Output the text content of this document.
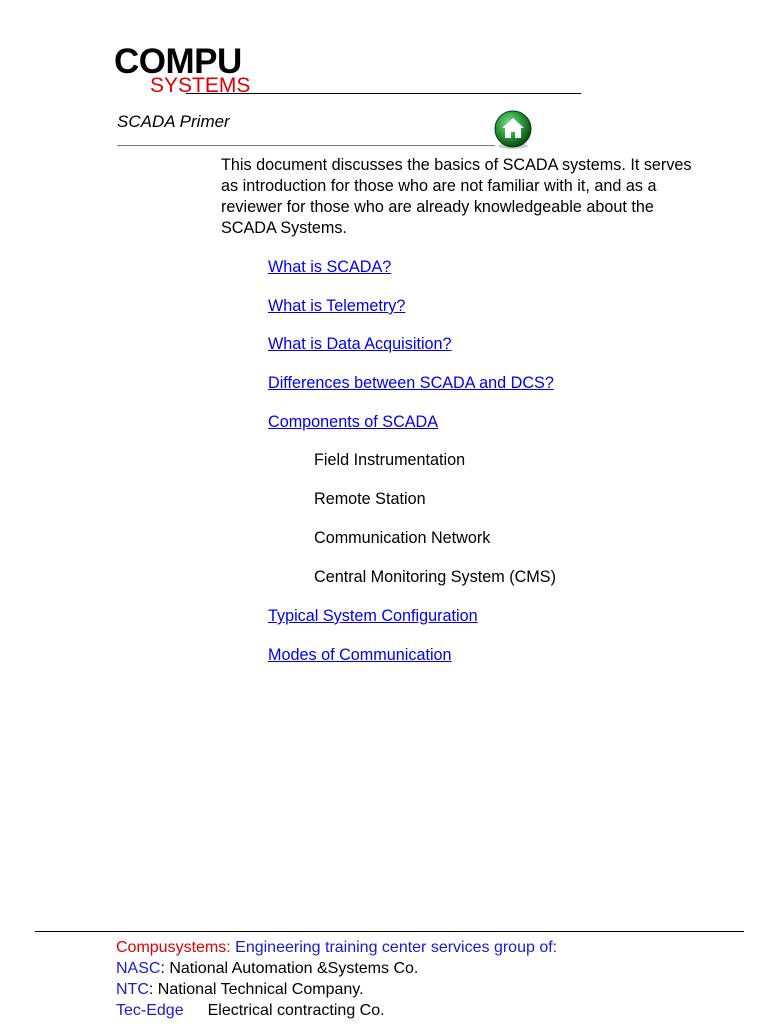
COMPU
SYSTEMS
SCADA Primer
This document discusses the basics of SCADA systems. It serves as introduction for those who are not familiar with it, and as a reviewer for those who are already knowledgeable about the SCADA Systems.
What is SCADA?
What is Telemetry?
What is Data Acquisition?
Differences between SCADA and DCS?
Components of SCADA
Field Instrumentation
Remote Station
Communication Network
Central Monitoring System (CMS)
Typical System Configuration
Modes of Communication
Compusystems: Engineering training center services group of:
NASC: National Automation &Systems Co.
NTC: National Technical Company.
Tec-Edge Electrical contracting Co.
